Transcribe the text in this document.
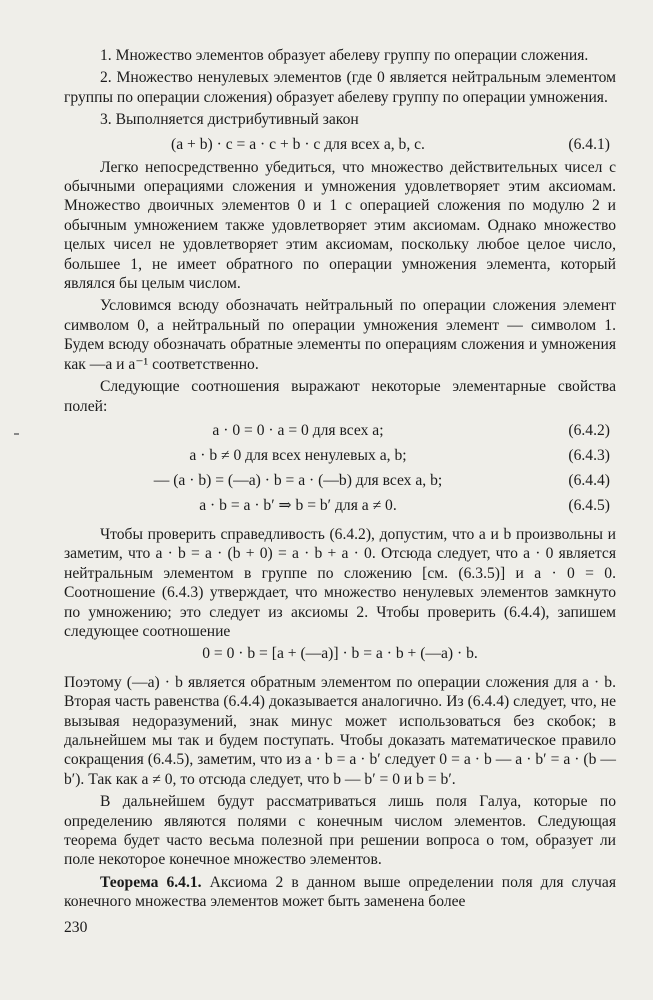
1. Множество элементов образует абелеву группу по операции сложения.

2. Множество ненулевых элементов (где 0 является нейтральным элементом группы по операции сложения) образует абелеву группу по операции умножения.

3. Выполняется дистрибутивный закон

(a + b) · c = a · c + b · c для всех a, b, c.	(6.4.1)

Легко непосредственно убедиться, что множество действительных чисел с обычными операциями сложения и умножения удовлетворяет этим аксиомам. Множество двоичных элементов 0 и 1 с операцией сложения по модулю 2 и обычным умножением также удовлетворяет этим аксиомам. Однако множество целых чисел не удовлетворяет этим аксиомам, поскольку любое целое число, большее 1, не имеет обратного по операции умножения элемента, который являлся бы целым числом.

Условимся всюду обозначать нейтральный по операции сложения элемент символом 0, а нейтральный по операции умножения элемент — символом 1. Будем всюду обозначать обратные элементы по операциям сложения и умножения как —a и a⁻¹ соответственно.

Следующие соотношения выражают некоторые элементарные свойства полей:

a · 0 = 0 · a = 0 для всех a;	(6.4.2)
a · b ≠ 0 для всех ненулевых a, b;	(6.4.3)
— (a · b) = (—a) · b = a · (—b) для всех a, b;	(6.4.4)
a · b = a · b′ ⇒ b = b′ для a ≠ 0.	(6.4.5)

Чтобы проверить справедливость (6.4.2), допустим, что a и b произвольны и заметим, что a · b = a · (b + 0) = a · b + a · 0. Отсюда следует, что a · 0 является нейтральным элементом в группе по сложению [см. (6.3.5)] и a · 0 = 0. Соотношение (6.4.3) утверждает, что множество ненулевых элементов замкнуто по умножению; это следует из аксиомы 2. Чтобы проверить (6.4.4), запишем следующее соотношение

0 = 0 · b = [a + (—a)] · b = a · b + (—a) · b.

Поэтому (—a) · b является обратным элементом по операции сложения для a · b. Вторая часть равенства (6.4.4) доказывается аналогично. Из (6.4.4) следует, что, не вызывая недоразумений, знак минус может использоваться без скобок; в дальнейшем мы так и будем поступать. Чтобы доказать математическое правило сокращения (6.4.5), заметим, что из a · b = a · b′ следует 0 = a · b — a · b′ = a · (b — b′). Так как a ≠ 0, то отсюда следует, что b — b′ = 0 и b = b′.

В дальнейшем будут рассматриваться лишь поля Галуа, которые по определению являются полями с конечным числом элементов. Следующая теорема будет часто весьма полезной при решении вопроса о том, образует ли поле некоторое конечное множество элементов.

Теорема 6.4.1. Аксиома 2 в данном выше определении поля для случая конечного множества элементов может быть заменена более

230
